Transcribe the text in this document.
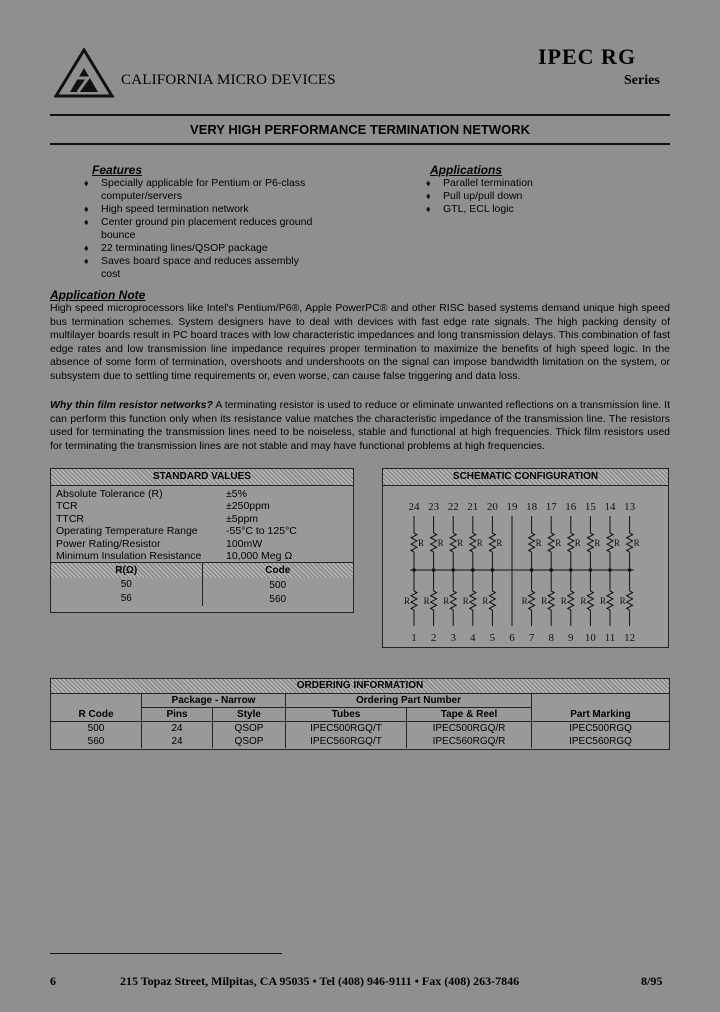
CALIFORNIA MICRO DEVICES
IPEC RG
Series
VERY HIGH PERFORMANCE TERMINATION NETWORK
Features
♦ Specially applicable for Pentium or P6-class computer/servers
♦ High speed termination network
♦ Center ground pin placement reduces ground bounce
♦ 22 terminating lines/QSOP package
♦ Saves board space and reduces assembly cost
Applications
♦ Parallel termination
♦ Pull up/pull down
♦ GTL, ECL logic
Application Note
High speed microprocessors like Intel's Pentium/P6®, Apple PowerPC® and other RISC based systems demand unique high speed bus termination schemes. System designers have to deal with devices with fast edge rate signals. The high packing density of multilayer boards result in PC board traces with low characteristic impedances and long transmission delays. This combination of fast edge rates and low transmission line impedance requires proper termination to maximize the benefits of high speed logic. In the absence of some form of termination, overshoots and undershoots on the signal can impose bandwidth limitation on the system, or subsystem due to settling time requirements or, even worse, can cause false triggering and data loss.
Why thin film resistor networks? A terminating resistor is used to reduce or eliminate unwanted reflections on a transmission line. It can perform this function only when its resistance value matches the characteristic impedance of the transmission line. The resistors used for terminating the transmission lines need to be noiseless, stable and functional at high frequencies. Thick film resistors used for terminating the transmission lines are not stable and may have functional problems at high frequencies.
STANDARD VALUES
Absolute Tolerance (R)	±5%
TCR	±250ppm
TTCR	±5ppm
Operating Temperature Range	-55°C to 125°C
Power Rating/Resistor	100mW
Minimum Insulation Resistance	10,000 Meg Ω
R(Ω)	Code
50	500
56	560
SCHEMATIC CONFIGURATION
24
1
R
R
23
2
R
R
22
3
R
R
21
4
R
R
20
5
R
R
19
6
18
7
R
R
17
8
R
R
16
9
R
R
15
10
R
R
14
11
R
R
13
12
R
R
ORDERING INFORMATION
	Package - Narrow		Ordering Part Number		
R Code	Pins	Style	Tubes	Tape & Reel	Part Marking
500	24	QSOP	IPEC500RGQ/T	IPEC500RGQ/R	IPEC500RGQ
560	24	QSOP	IPEC560RGQ/T	IPEC560RGQ/R	IPEC560RGQ
6	215 Topaz Street, Milpitas, CA 95035 • Tel (408) 946-9111 • Fax (408) 263-7846	8/95
